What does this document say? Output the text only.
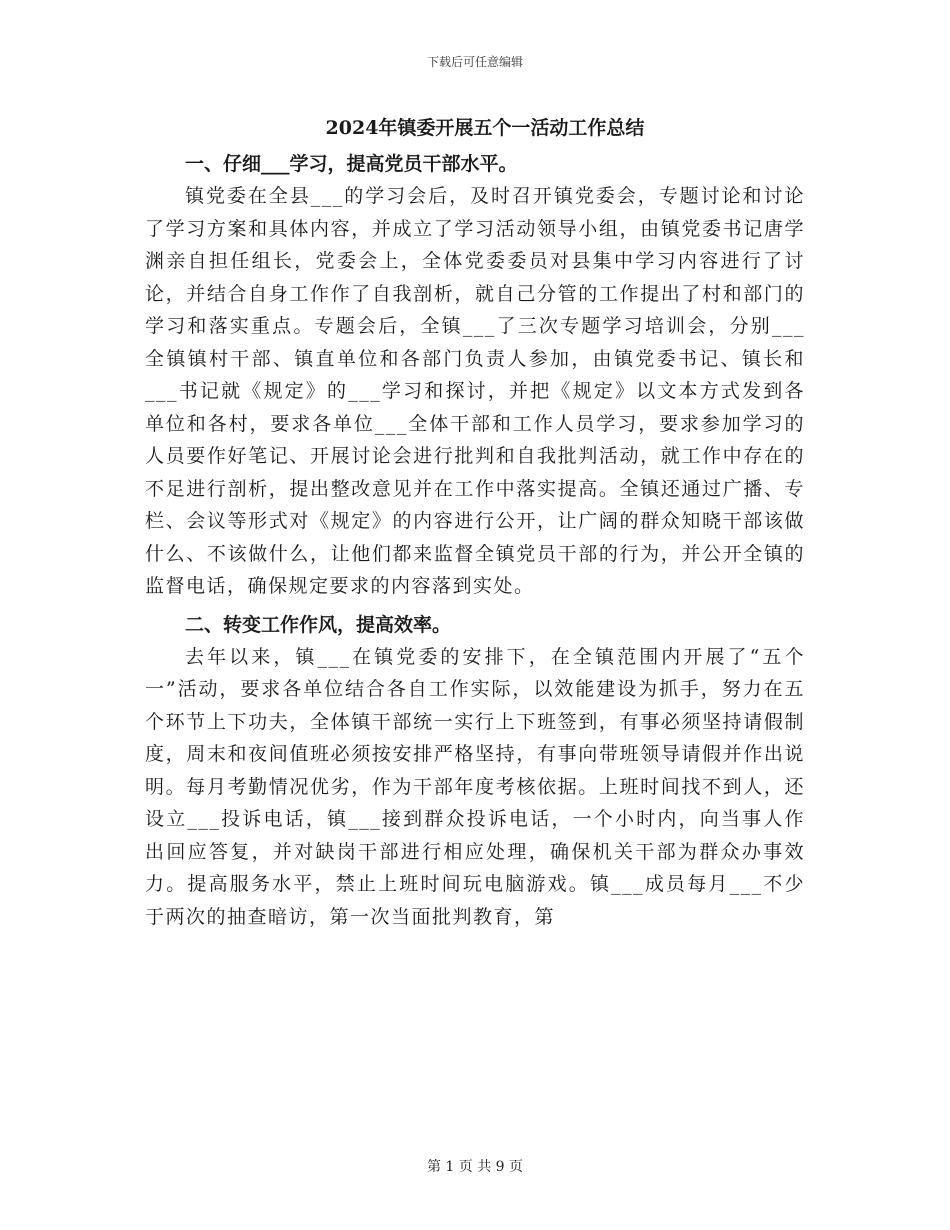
下载后可任意编辑
2024年镇委开展五个一活动工作总结

一、仔细___学习，提高党员干部水平。

镇党委在全县___的学习会后，及时召开镇党委会，专题讨论和讨论了学习方案和具体内容，并成立了学习活动领导小组，由镇党委书记唐学渊亲自担任组长，党委会上，全体党委委员对县集中学习内容进行了讨论，并结合自身工作作了自我剖析，就自己分管的工作提出了村和部门的学习和落实重点。专题会后，全镇___了三次专题学习培训会，分别___全镇镇村干部、镇直单位和各部门负责人参加，由镇党委书记、镇长和___书记就《规定》的___学习和探讨，并把《规定》以文本方式发到各单位和各村，要求各单位___全体干部和工作人员学习，要求参加学习的人员要作好笔记、开展讨论会进行批判和自我批判活动，就工作中存在的不足进行剖析，提出整改意见并在工作中落实提高。全镇还通过广播、专栏、会议等形式对《规定》的内容进行公开，让广阔的群众知晓干部该做什么、不该做什么，让他们都来监督全镇党员干部的行为，并公开全镇的监督电话，确保规定要求的内容落到实处。

二、转变工作作风，提高效率。

去年以来，镇___在镇党委的安排下，在全镇范围内开展了“五个一”活动，要求各单位结合各自工作实际，以效能建设为抓手，努力在五个环节上下功夫，全体镇干部统一实行上下班签到，有事必须坚持请假制度，周末和夜间值班必须按安排严格坚持，有事向带班领导请假并作出说明。每月考勤情况优劣，作为干部年度考核依据。上班时间找不到人，还设立___投诉电话，镇___接到群众投诉电话，一个小时内，向当事人作出回应答复，并对缺岗干部进行相应处理，确保机关干部为群众办事效力。提高服务水平，禁止上班时间玩电脑游戏。镇___成员每月___不少于两次的抽查暗访，第一次当面批判教育，第

第 1 页 共 9 页
